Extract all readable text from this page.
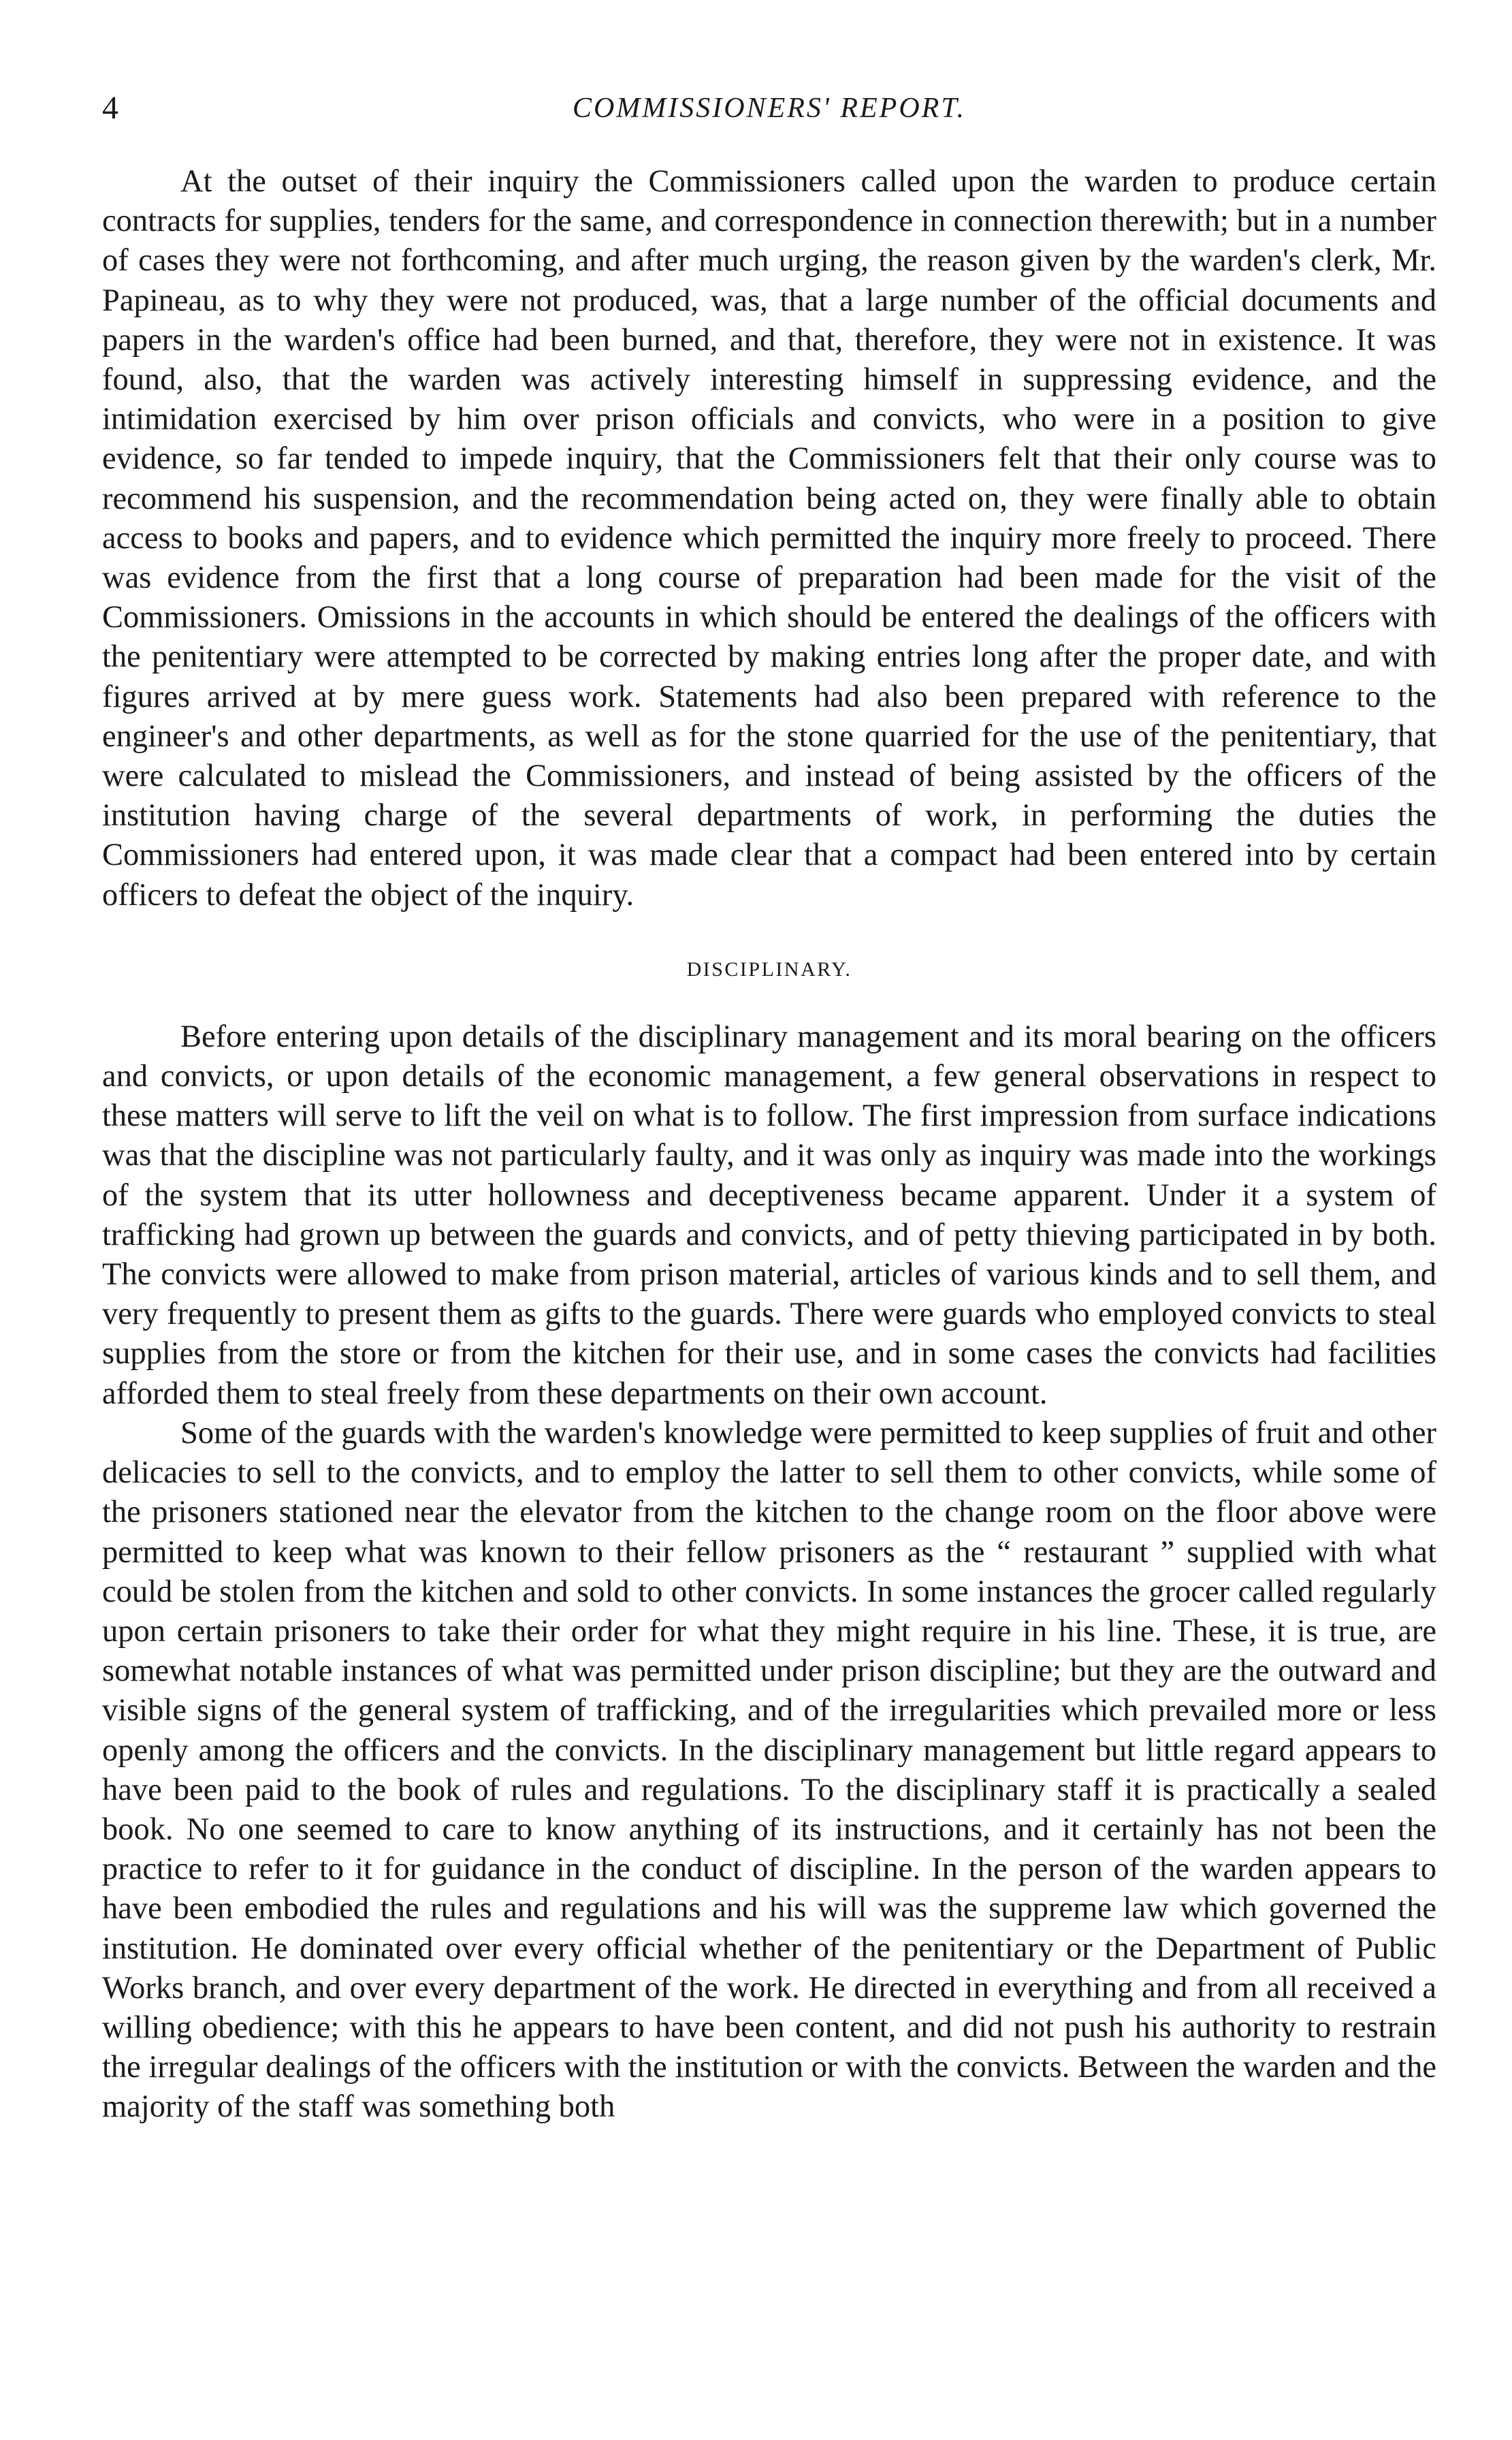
4	COMMISSIONERS' REPORT.

At the outset of their inquiry the Commissioners called upon the warden to produce certain contracts for supplies, tenders for the same, and correspondence in connection therewith; but in a number of cases they were not forthcoming, and after much urging, the reason given by the warden's clerk, Mr. Papineau, as to why they were not produced, was, that a large number of the official documents and papers in the warden's office had been burned, and that, therefore, they were not in existence. It was found, also, that the warden was actively interesting himself in suppressing evidence, and the intimidation exercised by him over prison officials and convicts, who were in a position to give evidence, so far tended to impede inquiry, that the Commissioners felt that their only course was to recommend his suspension, and the recommendation being acted on, they were finally able to obtain access to books and papers, and to evidence which permitted the inquiry more freely to proceed. There was evidence from the first that a long course of preparation had been made for the visit of the Commissioners. Omissions in the accounts in which should be entered the dealings of the officers with the penitentiary were attempted to be corrected by making entries long after the proper date, and with figures arrived at by mere guess work. Statements had also been prepared with reference to the engineer's and other departments, as well as for the stone quarried for the use of the penitentiary, that were calculated to mislead the Commissioners, and instead of being assisted by the officers of the institution having charge of the several departments of work, in performing the duties the Commissioners had entered upon, it was made clear that a compact had been entered into by certain officers to defeat the object of the inquiry.

DISCIPLINARY.

Before entering upon details of the disciplinary management and its moral bearing on the officers and convicts, or upon details of the economic management, a few general observations in respect to these matters will serve to lift the veil on what is to follow. The first impression from surface indications was that the discipline was not particularly faulty, and it was only as inquiry was made into the workings of the system that its utter hollowness and deceptiveness became apparent. Under it a system of trafficking had grown up between the guards and convicts, and of petty thieving participated in by both. The convicts were allowed to make from prison material, articles of various kinds and to sell them, and very frequently to present them as gifts to the guards. There were guards who employed convicts to steal supplies from the store or from the kitchen for their use, and in some cases the convicts had facilities afforded them to steal freely from these departments on their own account.

Some of the guards with the warden's knowledge were permitted to keep supplies of fruit and other delicacies to sell to the convicts, and to employ the latter to sell them to other convicts, while some of the prisoners stationed near the elevator from the kitchen to the change room on the floor above were permitted to keep what was known to their fellow prisoners as the “ restaurant ” supplied with what could be stolen from the kitchen and sold to other convicts. In some instances the grocer called regularly upon certain prisoners to take their order for what they might require in his line. These, it is true, are somewhat notable instances of what was permitted under prison discipline; but they are the outward and visible signs of the general system of trafficking, and of the irregularities which prevailed more or less openly among the officers and the convicts. In the disciplinary management but little regard appears to have been paid to the book of rules and regulations. To the disciplinary staff it is practically a sealed book. No one seemed to care to know anything of its instructions, and it certainly has not been the practice to refer to it for guidance in the conduct of discipline. In the person of the warden appears to have been embodied the rules and regulations and his will was the suppreme law which governed the institution. He dominated over every official whether of the penitentiary or the Department of Public Works branch, and over every department of the work. He directed in everything and from all received a willing obedience; with this he appears to have been content, and did not push his authority to restrain the irregular dealings of the officers with the institution or with the convicts. Between the warden and the majority of the staff was something both
